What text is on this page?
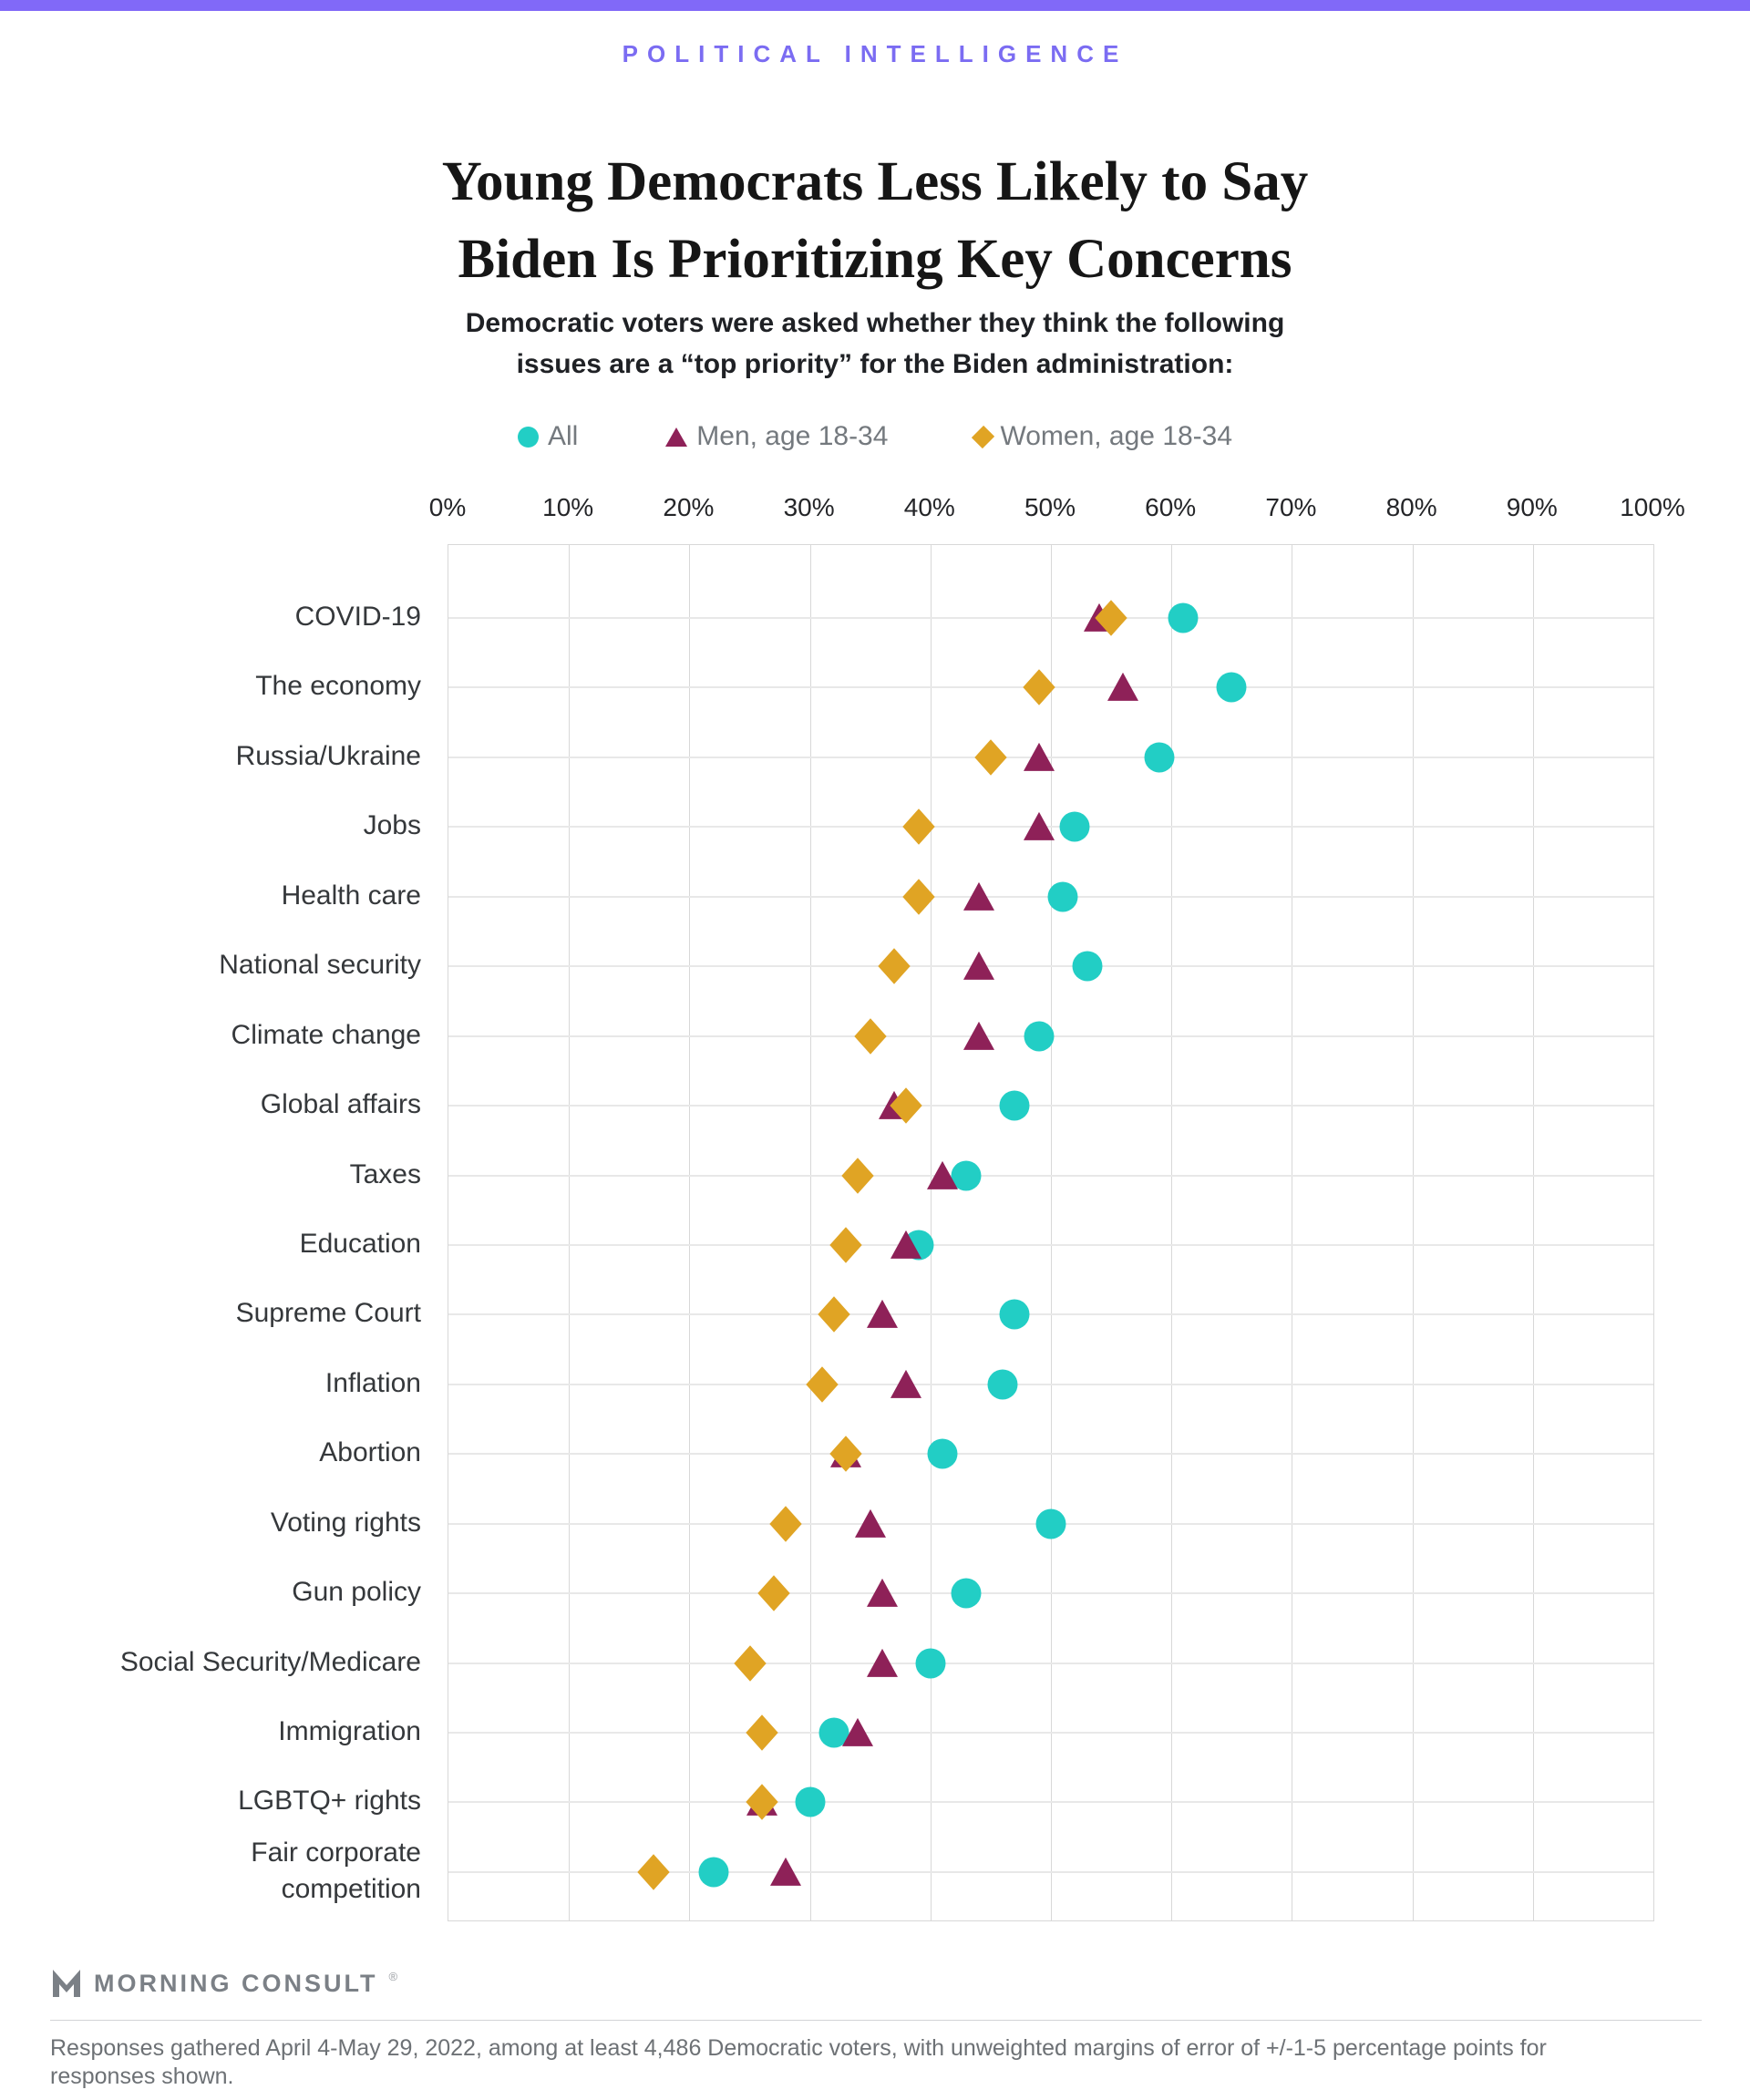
POLITICAL INTELLIGENCE
Young Democrats Less Likely to Say
Biden Is Prioritizing Key Concerns
Democratic voters were asked whether they think the following
issues are a “top priority” for the Biden administration:
All	Men, age 18-34	Women, age 18-34
0%	10%	20%	30%	40%	50%	60%	70%	80%	90% 100%
COVID-19
The economy
Russia/Ukraine
Jobs
Health care
National security
Climate change
Global affairs
Taxes
Education
Supreme Court
Inflation
Abortion
Voting rights
Gun policy
Social Security/Medicare
Immigration
LGBTQ+ rights
Fair corporate
competition
MORNING CONSULT ®
Responses gathered April 4-May 29, 2022, among at least 4,486 Democratic voters, with unweighted margins of error of +/-1-5 percentage points for
responses shown.
